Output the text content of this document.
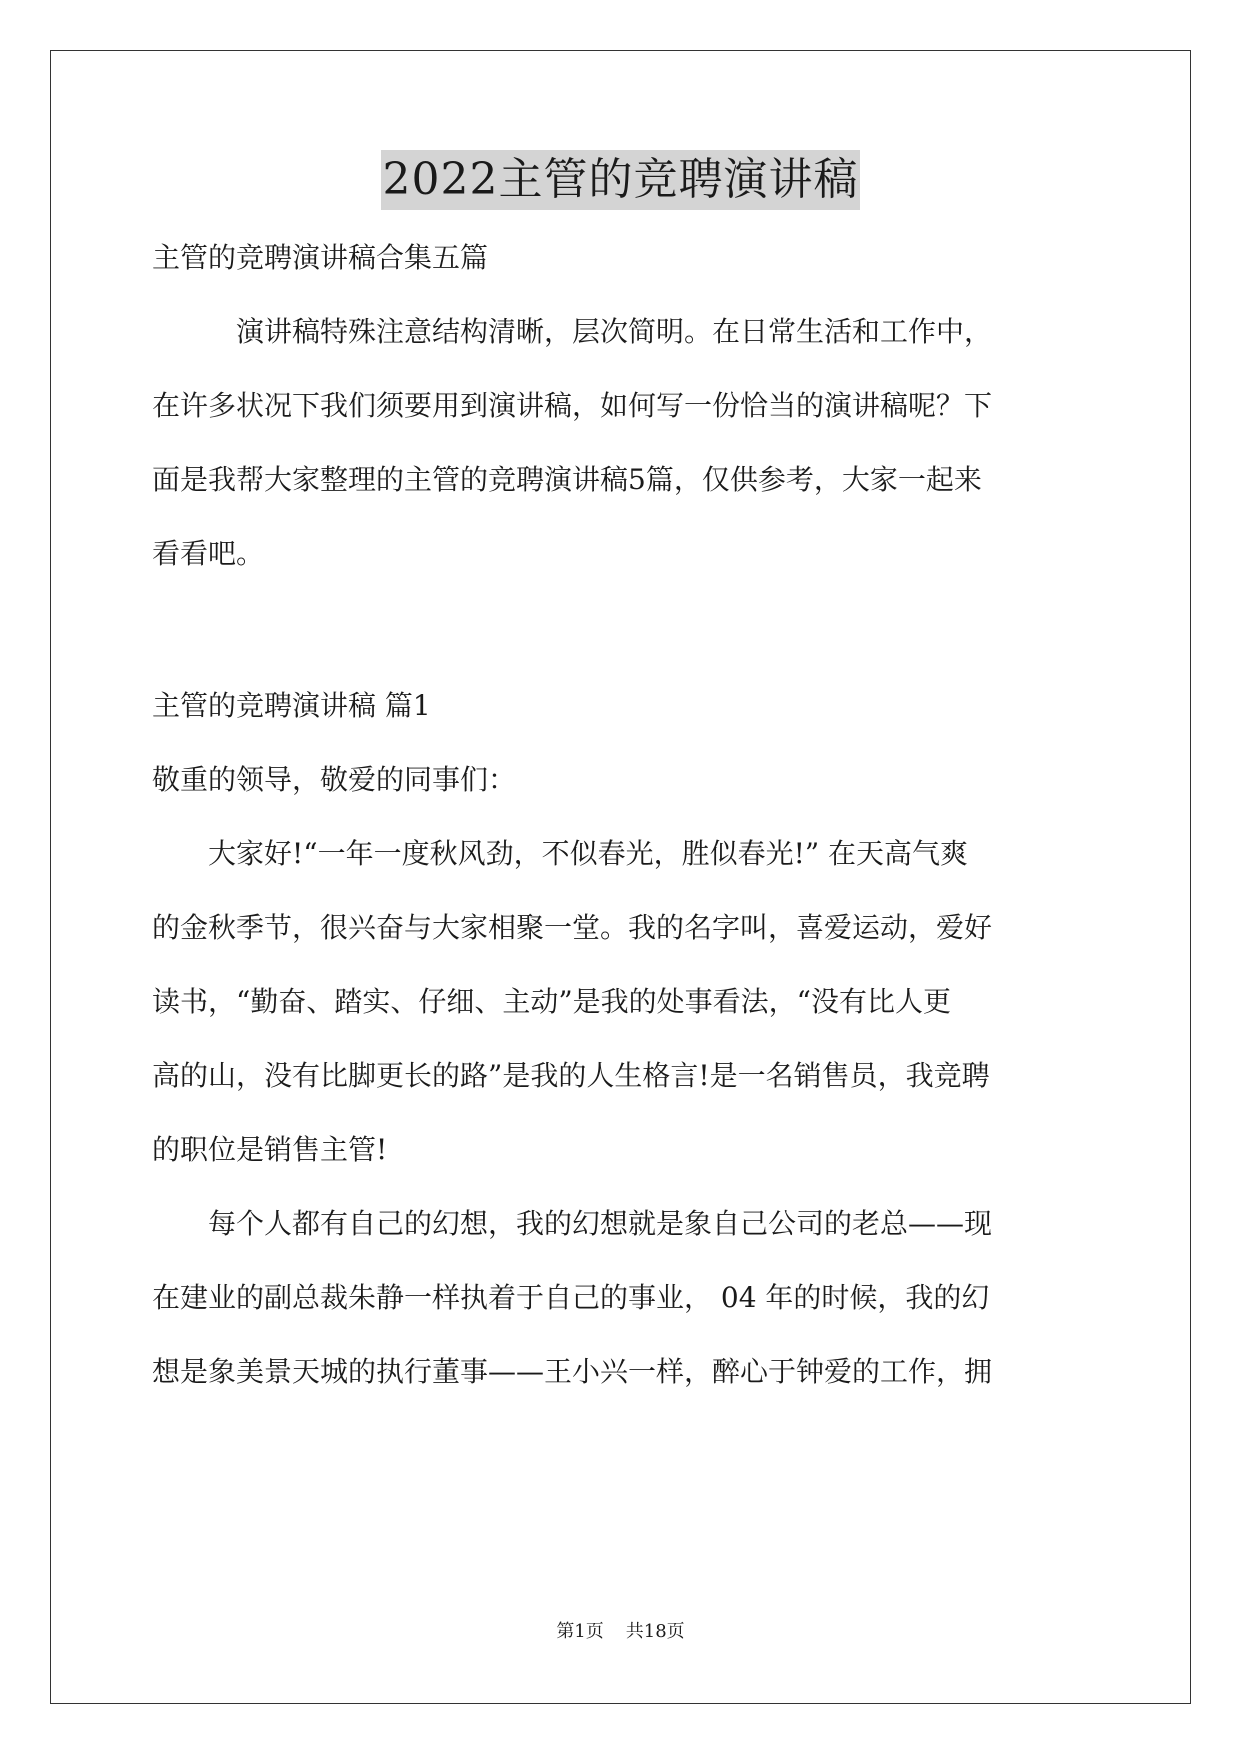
2022主管的竞聘演讲稿
主管的竞聘演讲稿合集五篇
　　　演讲稿特殊注意结构清晰，层次简明。在日常生活和工作中，
在许多状况下我们须要用到演讲稿，如何写一份恰当的演讲稿呢？下
面是我帮大家整理的主管的竞聘演讲稿5篇，仅供参考，大家一起来
看看吧。
主管的竞聘演讲稿 篇1
敬重的领导，敬爱的同事们：
　　大家好!“一年一度秋风劲，不似春光，胜似春光!” 在天高气爽
的金秋季节，很兴奋与大家相聚一堂。我的名字叫，喜爱运动，爱好
读书，“勤奋、踏实、仔细、主动”是我的处事看法，“没有比人更
高的山，没有比脚更长的路”是我的人生格言!是一名销售员，我竞聘
的职位是销售主管!
　　每个人都有自己的幻想，我的幻想就是象自己公司的老总——现
在建业的副总裁朱静一样执着于自己的事业， 04 年的时候，我的幻
想是象美景天城的执行董事——王小兴一样，醉心于钟爱的工作，拥
第1页 共18页
